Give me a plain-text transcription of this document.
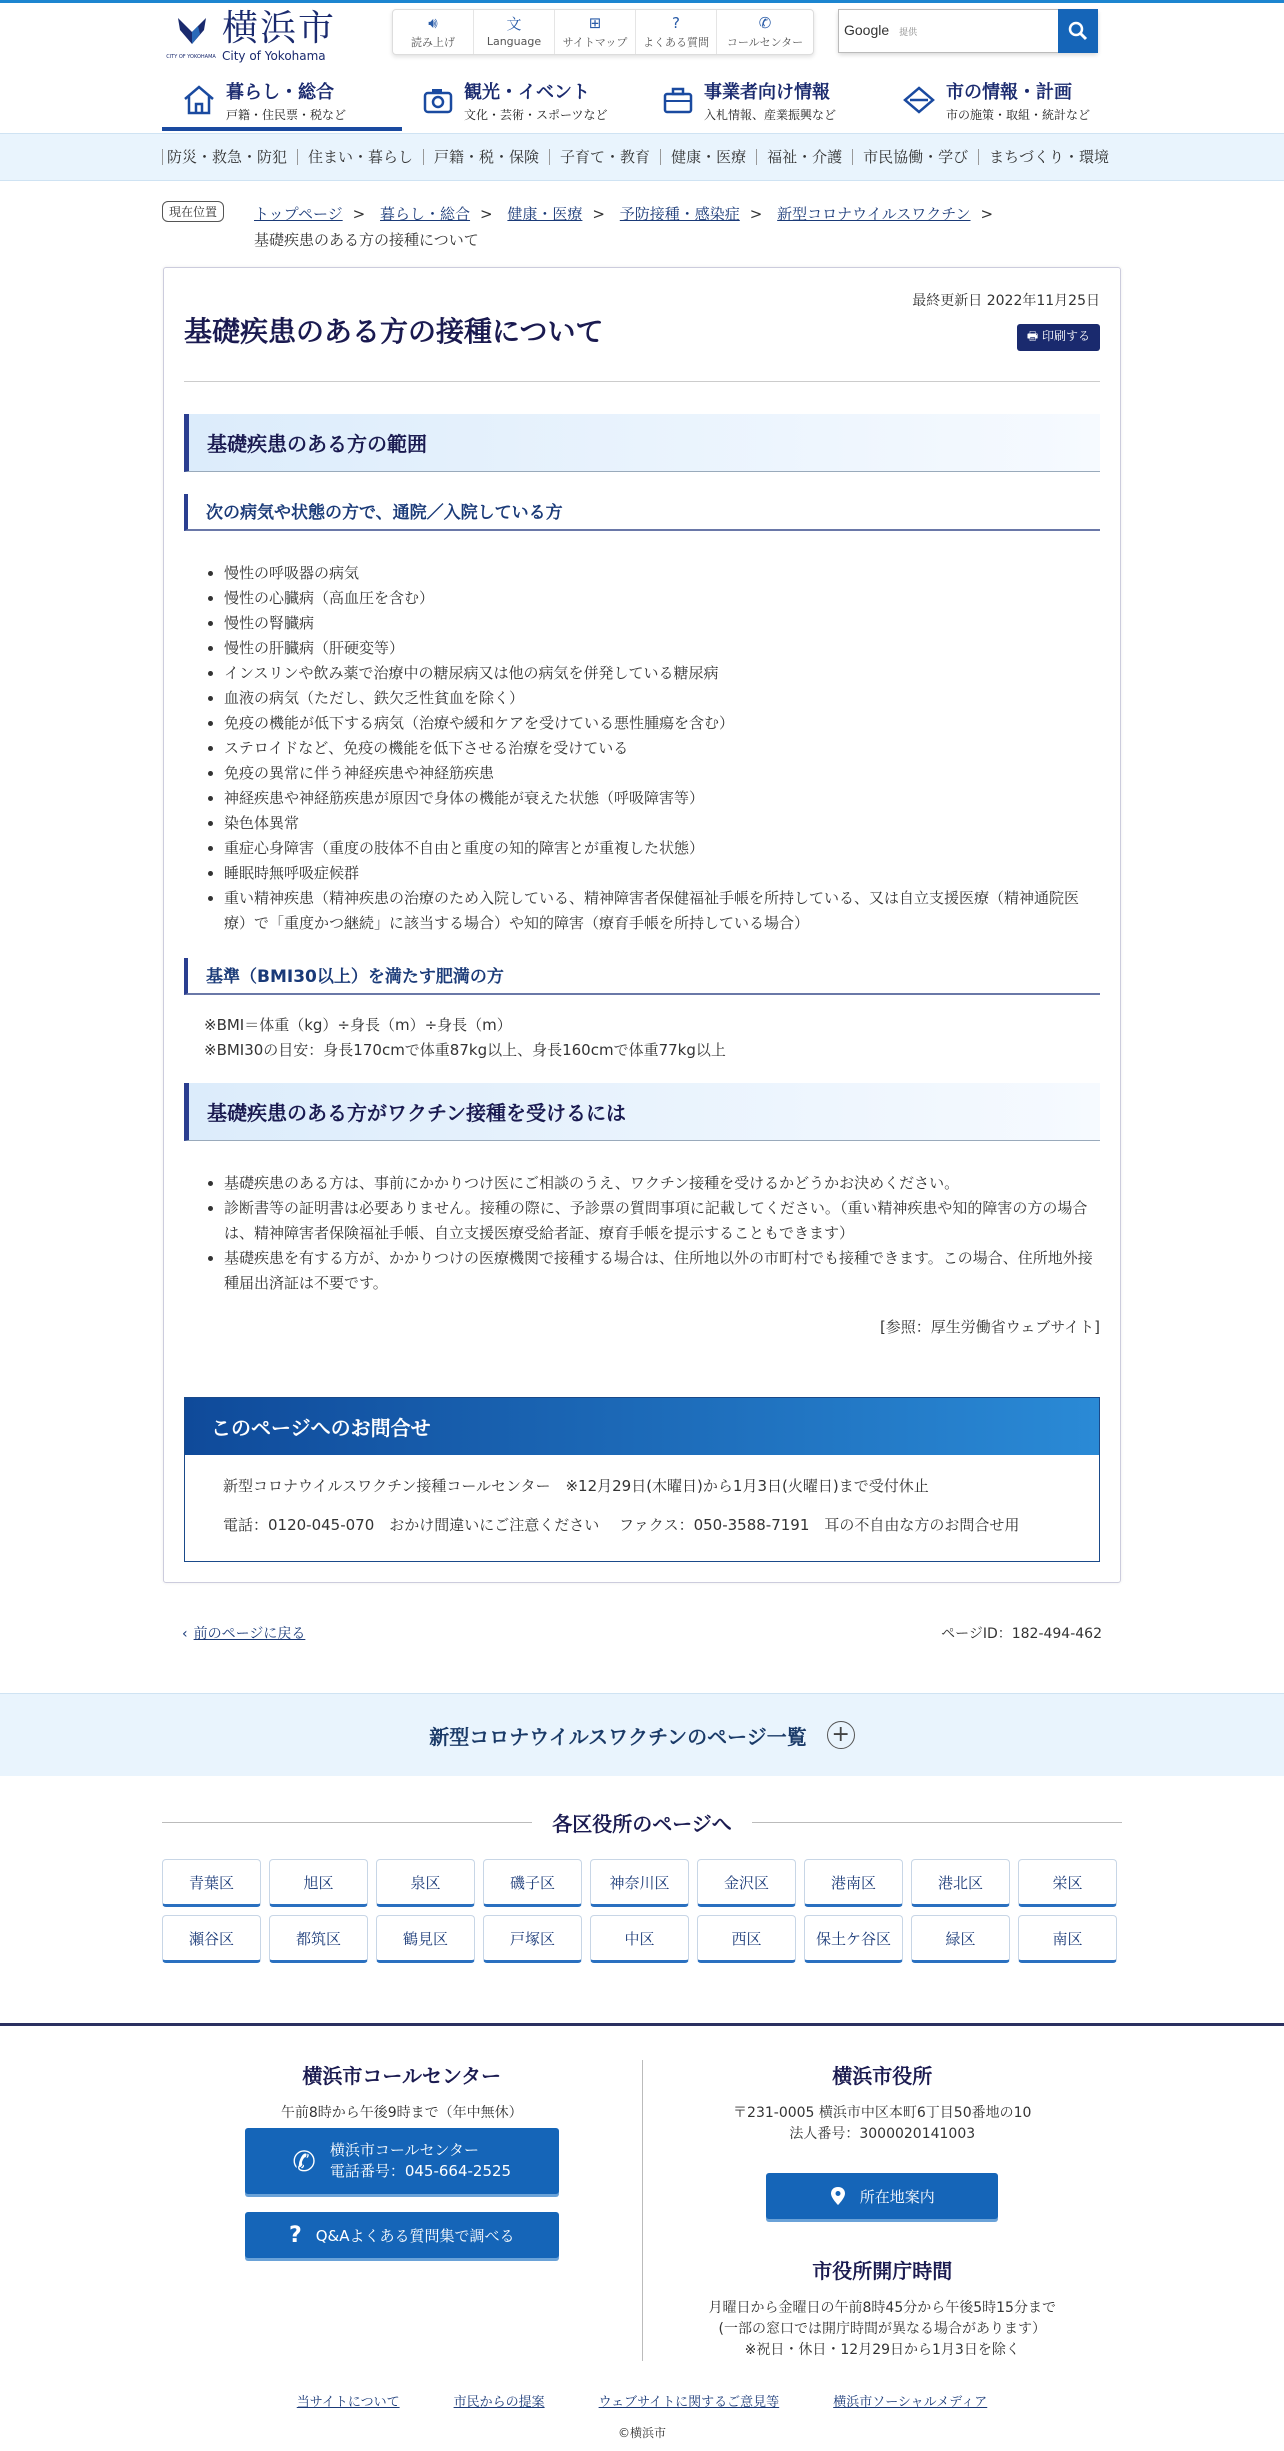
CITY OF YOKOHAMA
横浜市
City of Yokohama
🔊︎
読み上げ
文
Language
⊞
サイトマップ
?
よくある質問
✆
コールセンター
Google 提供
暮らし・総合
戸籍・住民票・税など
観光・イベント
文化・芸術・スポーツなど
事業者向け情報
入札情報、産業振興など
市の情報・計画
市の施策・取組・統計など
防災・救急・防犯	住まい・暮らし	戸籍・税・保険	子育て・教育	健康・医療	福祉・介護	市民協働・学び	まちづくり・環境
現在位置	トップページ > 暮らし・総合 > 健康・医療 > 予防接種・感染症 > 新型コロナウイルスワクチン >
基礎疾患のある方の接種について
基礎疾患のある方の接種について
最終更新日 2022年11月25日
🖶 印刷する
基礎疾患のある方の範囲
次の病気や状態の方で、通院／入院している方
• 慢性の呼吸器の病気
• 慢性の心臓病（高血圧を含む）
• 慢性の腎臓病
• 慢性の肝臓病（肝硬変等）
• インスリンや飲み薬で治療中の糖尿病又は他の病気を併発している糖尿病
• 血液の病気（ただし、鉄欠乏性貧血を除く）
• 免疫の機能が低下する病気（治療や緩和ケアを受けている悪性腫瘍を含む）
• ステロイドなど、免疫の機能を低下させる治療を受けている
• 免疫の異常に伴う神経疾患や神経筋疾患
• 神経疾患や神経筋疾患が原因で身体の機能が衰えた状態（呼吸障害等）
• 染色体異常
• 重症心身障害（重度の肢体不自由と重度の知的障害とが重複した状態）
• 睡眠時無呼吸症候群
• 重い精神疾患（精神疾患の治療のため入院している、精神障害者保健福祉手帳を所持している、又は自立支援医療（精神通院医療）で「重度かつ継続」に該当する場合）や知的障害（療育手帳を所持している場合）
基準（BMI30以上）を満たす肥満の方
※BMI＝体重（kg）÷身長（m）÷身長（m）
※BMI30の目安：身長170cmで体重87kg以上、身長160cmで体重77kg以上
基礎疾患のある方がワクチン接種を受けるには
• 基礎疾患のある方は、事前にかかりつけ医にご相談のうえ、ワクチン接種を受けるかどうかお決めください。
• 診断書等の証明書は必要ありません。接種の際に、予診票の質問事項に記載してください。（重い精神疾患や知的障害の方の場合は、精神障害者保険福祉手帳、自立支援医療受給者証、療育手帳を提示することもできます）
• 基礎疾患を有する方が、かかりつけの医療機関で接種する場合は、住所地以外の市町村でも接種できます。この場合、住所地外接種届出済証は不要です。
[参照：厚生労働省ウェブサイト]
このページへのお問合せ

新型コロナウイルスワクチン接種コールセンター　※12月29日(木曜日)から1月3日(火曜日)まで受付休止

電話：0120-045-070　おかけ間違いにご注意ください　 ファクス：050-3588-7191　耳の不自由な方のお問合せ用

‹ 前のページに戻る	ページID：182-494-462
新型コロナウイルスワクチンのページ一覧 +
各区役所のページへ
青葉区	旭区	泉区	磯子区	神奈川区	金沢区	港南区	港北区	栄区
瀬谷区	都筑区	鶴見区	戸塚区	中区	西区	保土ケ谷区	緑区	南区
横浜市コールセンター
午前8時から午後9時まで（年中無休）
✆ 横浜市コールセンター
電話番号：045-664-2525
? Q&Aよくある質問集で調べる
横浜市役所
〒231-0005 横浜市中区本町6丁目50番地の10
法人番号：3000020141003
所在地案内
市役所開庁時間
月曜日から金曜日の午前8時45分から午後5時15分まで
(一部の窓口では開庁時間が異なる場合があります）
※祝日・休日・12月29日から1月3日を除く
当サイトについて	市民からの提案	ウェブサイトに関するご意見等	横浜市ソーシャルメディア
©横浜市
